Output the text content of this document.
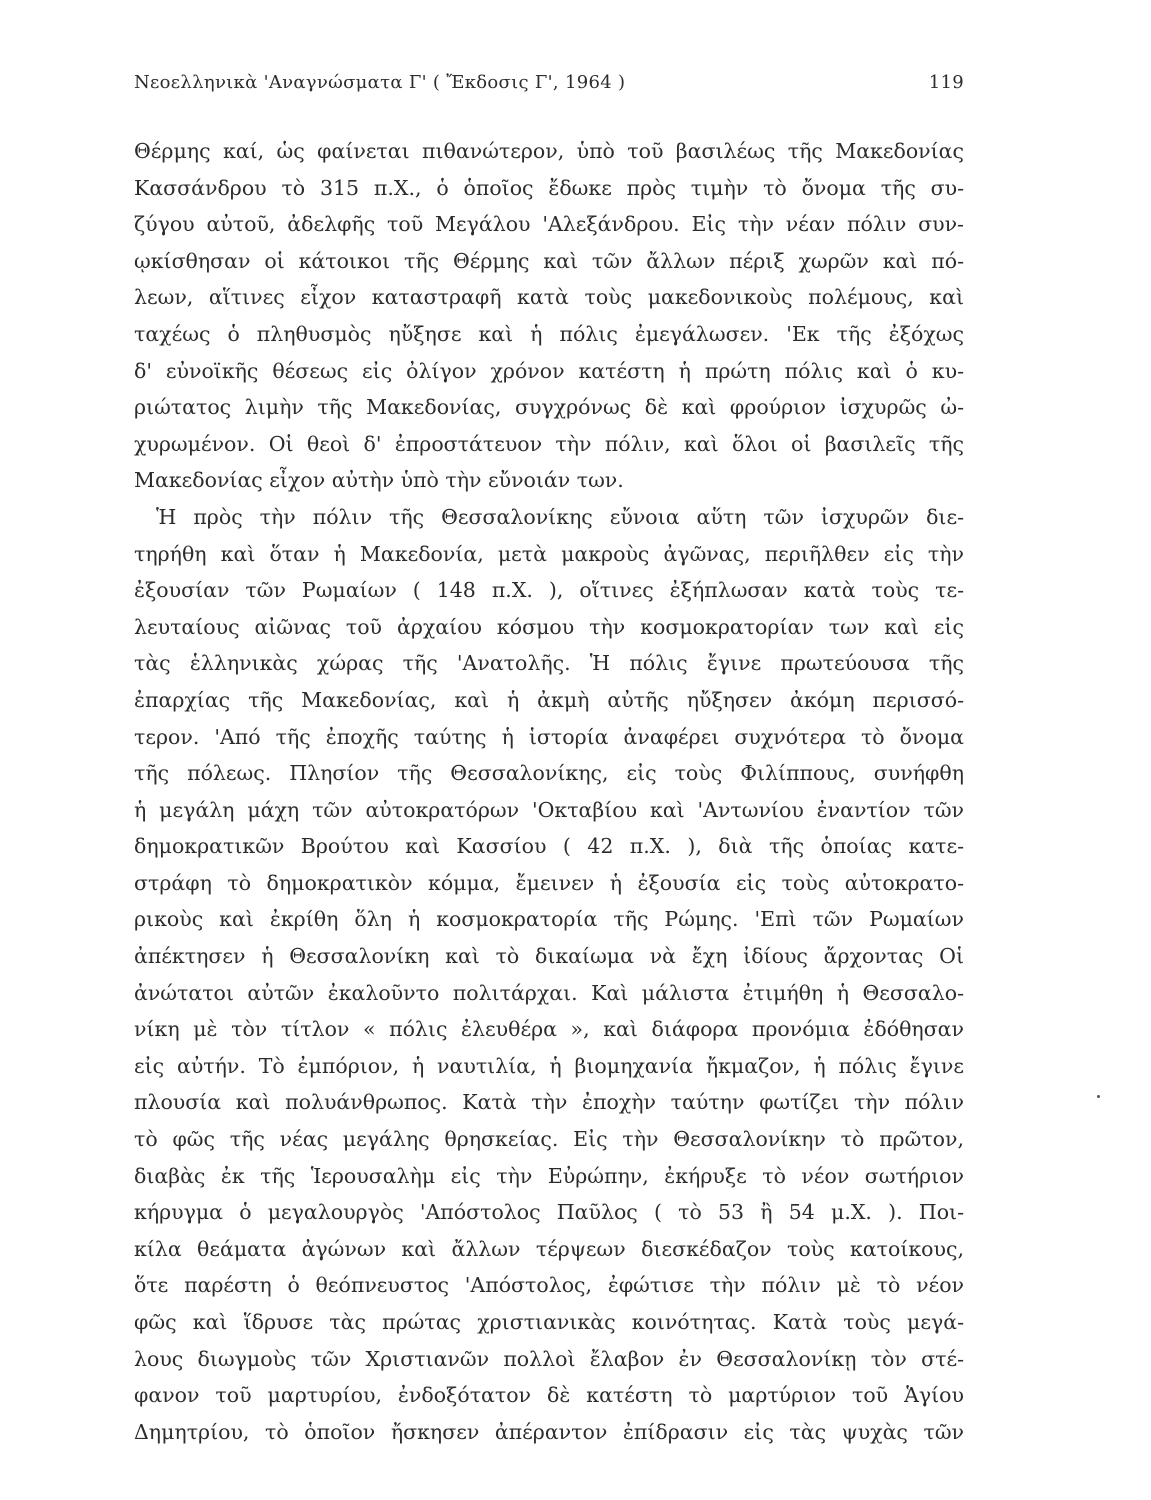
Νεοελληνικὰ 'Αναγνώσματα Γ' ( Ἔκδοσις Γ', 1964 )	119
Θέρμης καί, ὡς φαίνεται πιθανώτερον, ὑπὸ τοῦ βασιλέως τῆς Μακεδονίας
Κασσάνδρου τὸ 315 π.Χ., ὁ ὁποῖος ἔδωκε πρὸς τιμὴν τὸ ὄνομα τῆς συ-
ζύγου αὐτοῦ, ἀδελφῆς τοῦ Μεγάλου 'Αλεξάνδρου. Εἰς τὴν νέαν πόλιν συν-
ῳκίσθησαν οἱ κάτοικοι τῆς Θέρμης καὶ τῶν ἄλλων πέριξ χωρῶν καὶ πό-
λεων, αἵτινες εἶχον καταστραφῆ κατὰ τοὺς μακεδονικοὺς πολέμους, καὶ
ταχέως ὁ πληθυσμὸς ηὔξησε καὶ ἡ πόλις ἐμεγάλωσεν. 'Εκ τῆς ἐξόχως
δ' εὐνοϊκῆς θέσεως εἰς ὀλίγον χρόνον κατέστη ἡ πρώτη πόλις καὶ ὁ κυ-
ριώτατος λιμὴν τῆς Μακεδονίας, συγχρόνως δὲ καὶ φρούριον ἰσχυρῶς ὠ-
χυρωμένον. Οἱ θεοὶ δ' ἐπροστάτευον τὴν πόλιν, καὶ ὅλοι οἱ βασιλεῖς τῆς
Μακεδονίας εἶχον αὐτὴν ὑπὸ τὴν εὔνοιάν των.
Ἡ πρὸς τὴν πόλιν τῆς Θεσσαλονίκης εὔνοια αὕτη τῶν ἰσχυρῶν διε-
τηρήθη καὶ ὅταν ἡ Μακεδονία, μετὰ μακροὺς ἀγῶνας, περιῆλθεν εἰς τὴν
ἐξουσίαν τῶν Ρωμαίων ( 148 π.Χ. ), οἵτινες ἐξήπλωσαν κατὰ τοὺς τε-
λευταίους αἰῶνας τοῦ ἀρχαίου κόσμου τὴν κοσμοκρατορίαν των καὶ εἰς
τὰς ἑλληνικὰς χώρας τῆς 'Ανατολῆς. Ἡ πόλις ἔγινε πρωτεύουσα τῆς
ἐπαρχίας τῆς Μακεδονίας, καὶ ἡ ἀκμὴ αὐτῆς ηὔξησεν ἀκόμη περισσό-
τερον. 'Από τῆς ἐποχῆς ταύτης ἡ ἱστορία ἀναφέρει συχνότερα τὸ ὄνομα
τῆς πόλεως. Πλησίον τῆς Θεσσαλονίκης, εἰς τοὺς Φιλίππους, συνήφθη
ἡ μεγάλη μάχη τῶν αὐτοκρατόρων 'Οκταβίου καὶ 'Αντωνίου ἐναντίον τῶν
δημοκρατικῶν Βρούτου καὶ Κασσίου ( 42 π.Χ. ), διὰ τῆς ὁποίας κατε-
στράφη τὸ δημοκρατικὸν κόμμα, ἔμεινεν ἡ ἐξουσία εἰς τοὺς αὐτοκρατο-
ρικοὺς καὶ ἐκρίθη ὅλη ἡ κοσμοκρατορία τῆς Ρώμης. 'Επὶ τῶν Ρωμαίων
ἀπέκτησεν ἡ Θεσσαλονίκη καὶ τὸ δικαίωμα νὰ ἔχη ἰδίους ἄρχοντας Οἱ
ἀνώτατοι αὐτῶν ἐκαλοῦντο πολιτάρχαι. Καὶ μάλιστα ἐτιμήθη ἡ Θεσσαλο-
νίκη μὲ τὸν τίτλον « πόλις ἐλευθέρα », καὶ διάφορα προνόμια ἐδόθησαν
εἰς αὐτήν. Τὸ ἐμπόριον, ἡ ναυτιλία, ἡ βιομηχανία ἤκμαζον, ἡ πόλις ἔγινε
πλουσία καὶ πολυάνθρωπος. Κατὰ τὴν ἐποχὴν ταύτην φωτίζει τὴν πόλιν
τὸ φῶς τῆς νέας μεγάλης θρησκείας. Εἰς τὴν Θεσσαλονίκην τὸ πρῶτον,
διαβὰς ἐκ τῆς Ἱερουσαλὴμ εἰς τὴν Εὐρώπην, ἐκήρυξε τὸ νέον σωτήριον
κήρυγμα ὁ μεγαλουργὸς 'Απόστολος Παῦλος ( τὸ 53 ἢ 54 μ.Χ. ). Ποι-
κίλα θεάματα ἀγώνων καὶ ἄλλων τέρψεων διεσκέδαζον τοὺς κατοίκους,
ὅτε παρέστη ὁ θεόπνευστος 'Απόστολος, ἐφώτισε τὴν πόλιν μὲ τὸ νέον
φῶς καὶ ἵδρυσε τὰς πρώτας χριστιανικὰς κοινότητας. Κατὰ τοὺς μεγά-
λους διωγμοὺς τῶν Χριστιανῶν πολλοὶ ἔλαβον ἐν Θεσσαλονίκῃ τὸν στέ-
φανον τοῦ μαρτυρίου, ἐνδοξότατον δὲ κατέστη τὸ μαρτύριον τοῦ Ἁγίου
Δημητρίου, τὸ ὁποῖον ἤσκησεν ἀπέραντον ἐπίδρασιν εἰς τὰς ψυχὰς τῶν
